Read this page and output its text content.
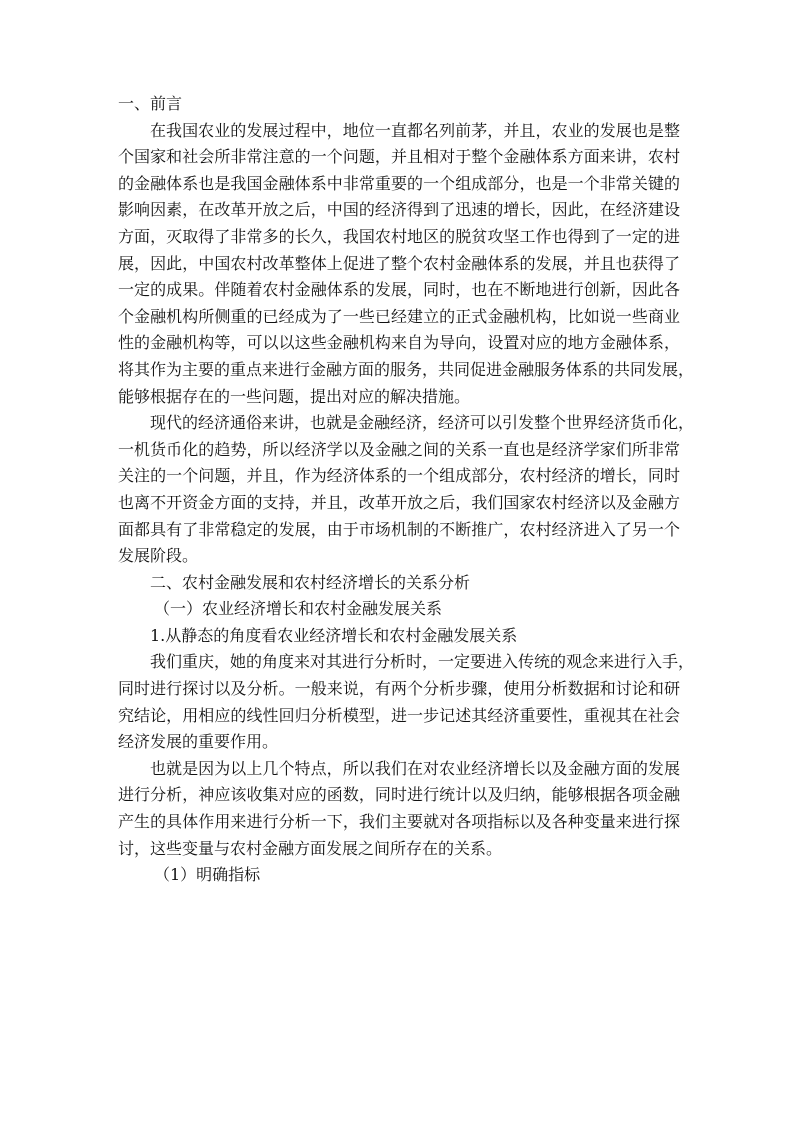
一、前言
在我国农业的发展过程中，地位一直都名列前茅，并且，农业的发展也是整
个国家和社会所非常注意的一个问题，并且相对于整个金融体系方面来讲，农村
的金融体系也是我国金融体系中非常重要的一个组成部分，也是一个非常关键的
影响因素，在改革开放之后，中国的经济得到了迅速的增长，因此，在经济建设
方面，灭取得了非常多的长久，我国农村地区的脱贫攻坚工作也得到了一定的进
展，因此，中国农村改革整体上促进了整个农村金融体系的发展，并且也获得了
一定的成果。伴随着农村金融体系的发展，同时，也在不断地进行创新，因此各
个金融机构所侧重的已经成为了一些已经建立的正式金融机构，比如说一些商业
性的金融机构等，可以以这些金融机构来自为导向，设置对应的地方金融体系，
将其作为主要的重点来进行金融方面的服务，共同促进金融服务体系的共同发展，
能够根据存在的一些问题，提出对应的解决措施。
现代的经济通俗来讲，也就是金融经济，经济可以引发整个世界经济货币化，
一机货币化的趋势，所以经济学以及金融之间的关系一直也是经济学家们所非常
关注的一个问题，并且，作为经济体系的一个组成部分，农村经济的增长，同时
也离不开资金方面的支持，并且，改革开放之后，我们国家农村经济以及金融方
面都具有了非常稳定的发展，由于市场机制的不断推广，农村经济进入了另一个
发展阶段。
二、农村金融发展和农村经济增长的关系分析
（一）农业经济增长和农村金融发展关系
1.从静态的角度看农业经济增长和农村金融发展关系
我们重庆，她的角度来对其进行分析时，一定要进入传统的观念来进行入手，
同时进行探讨以及分析。一般来说，有两个分析步骤，使用分析数据和讨论和研
究结论，用相应的线性回归分析模型，进一步记述其经济重要性，重视其在社会
经济发展的重要作用。
也就是因为以上几个特点，所以我们在对农业经济增长以及金融方面的发展
进行分析，神应该收集对应的函数，同时进行统计以及归纳，能够根据各项金融
产生的具体作用来进行分析一下，我们主要就对各项指标以及各种变量来进行探
讨，这些变量与农村金融方面发展之间所存在的关系。
（1）明确指标
